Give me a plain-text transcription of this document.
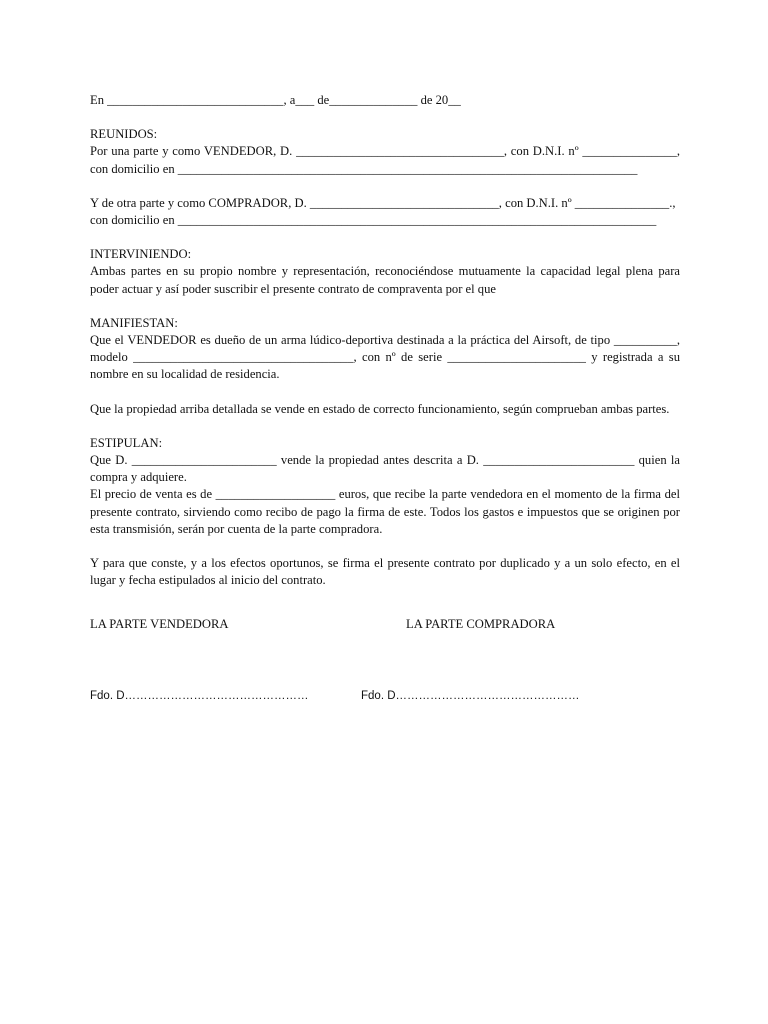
En ____________________________, a___ de______________ de 20__

REUNIDOS:

Por una parte y como VENDEDOR, D. _________________________________, con D.N.I. nº _______________,

con domicilio en _________________________________________________________________________

Y de otra parte y como COMPRADOR, D. ______________________________, con D.N.I. nº _______________.,

con domicilio en ____________________________________________________________________________

INTERVINIENDO:

Ambas partes en su propio nombre y representación, reconociéndose mutuamente la capacidad legal plena para

poder actuar y así poder suscribir el presente contrato de compraventa por el que

MANIFIESTAN:

Que el VENDEDOR es dueño de un arma lúdico-deportiva destinada a la práctica del Airsoft, de tipo __________,

modelo ___________________________________, con nº de serie ______________________ y registrada a su

nombre en su localidad de residencia.

Que la propiedad arriba detallada se vende en estado de correcto funcionamiento, según comprueban ambas partes.

ESTIPULAN:

Que D. _______________________ vende la propiedad antes descrita a D. ________________________ quien la

compra y adquiere.

El precio de venta es de ___________________ euros, que recibe la parte vendedora en el momento de la firma del

presente contrato, sirviendo como recibo de pago la firma de este. Todos los gastos e impuestos que se originen por

esta transmisión, serán por cuenta de la parte compradora.

Y para que conste, y a los efectos oportunos, se firma el presente contrato por duplicado y a un solo efecto, en el

lugar y fecha estipulados al inicio del contrato.

LA PARTE VENDEDORA	LA PARTE COMPRADORA
Fdo. D…………………………………………	Fdo. D…………………………………………
